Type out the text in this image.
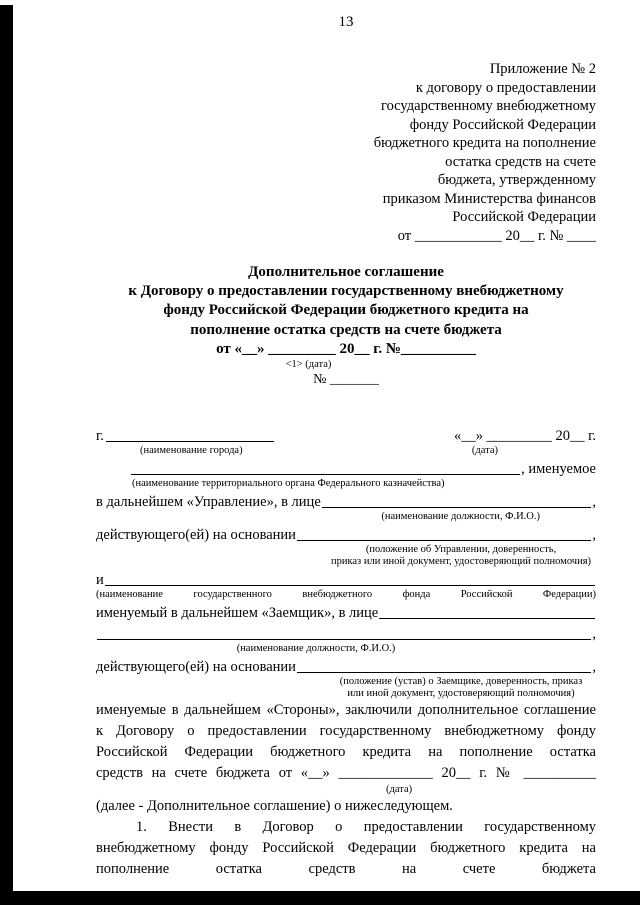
13
Приложение № 2
к договору о предоставлении
государственному внебюджетному
фонду Российской Федерации
бюджетного кредита на пополнение
остатка средств на счете
бюджета, утвержденному
приказом Министерства финансов
Российской Федерации
от ____________ 20__ г. № ____
Дополнительное соглашение
к Договору о предоставлении государственному внебюджетному
фонду Российской Федерации бюджетного кредита на
пополнение остатка средств на счете бюджета
от «__» _________ 20__ г. №__________
<1> (дата)
№ _______
г.	«__» _________ 20__ г.
(наименование города)	(дата)
, именуемое
(наименование территориального органа Федерального казначейства)
в дальнейшем «Управление», в лице	,
(наименование должности, Ф.И.О.)
действующего(ей) на основании	,
(положение об Управлении, доверенность,
приказ или иной документ, удостоверяющий полномочия)
и
(наименование государственного внебюджетного фонда Российской Федерации)
именуемый в дальнейшем «Заемщик», в лице
,
(наименование должности, Ф.И.О.)
действующего(ей) на основании	,
(положение (устав) о Заемщике, доверенность, приказ
или иной документ, удостоверяющий полномочия)
именуемые в дальнейшем «Стороны», заключили дополнительное соглашение
к Договору о предоставлении государственному внебюджетному фонду
Российской Федерации бюджетного кредита на пополнение остатка
средств на счете бюджета от «__» _____________ 20__ г. № __________
(дата)
(далее - Дополнительное соглашение) о нижеследующем.
1. Внести в Договор о предоставлении государственному
внебюджетному фонду Российской Федерации бюджетного кредита на
пополнение остатка средств на счете бюджета
